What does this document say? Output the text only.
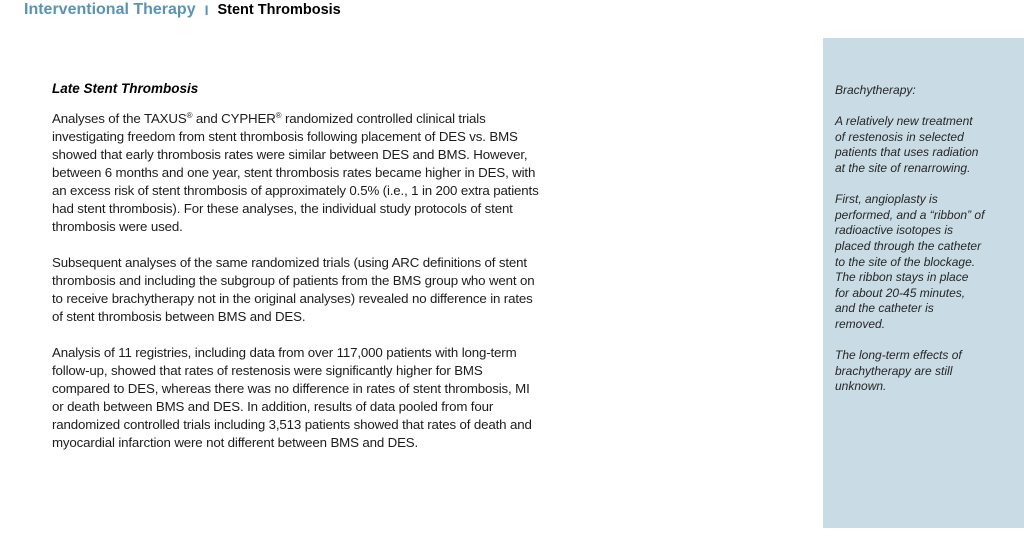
Interventional Therapy I Stent Thrombosis
Late Stent Thrombosis

Analyses of the TAXUS® and CYPHER® randomized controlled clinical trials investigating freedom from stent thrombosis following placement of DES vs. BMS showed that early thrombosis rates were similar between DES and BMS. However, between 6 months and one year, stent thrombosis rates became higher in DES, with an excess risk of stent thrombosis of approximately 0.5% (i.e., 1 in 200 extra patients had stent thrombosis). For these analyses, the individual study protocols of stent thrombosis were used.

Subsequent analyses of the same randomized trials (using ARC definitions of stent thrombosis and including the subgroup of patients from the BMS group who went on to receive brachytherapy not in the original analyses) revealed no difference in rates of stent thrombosis between BMS and DES.

Analysis of 11 registries, including data from over 117,000 patients with long-term follow-up, showed that rates of restenosis were significantly higher for BMS compared to DES, whereas there was no difference in rates of stent thrombosis, MI or death between BMS and DES. In addition, results of data pooled from four randomized controlled trials including 3,513 patients showed that rates of death and myocardial infarction were not different between BMS and DES.

Brachytherapy:

A relatively new treatment of restenosis in selected patients that uses radiation at the site of renarrowing.

First, angioplasty is performed, and a “ribbon” of radioactive isotopes is placed through the catheter to the site of the blockage. The ribbon stays in place for about 20-45 minutes, and the catheter is removed.

The long-term effects of brachytherapy are still unknown.
